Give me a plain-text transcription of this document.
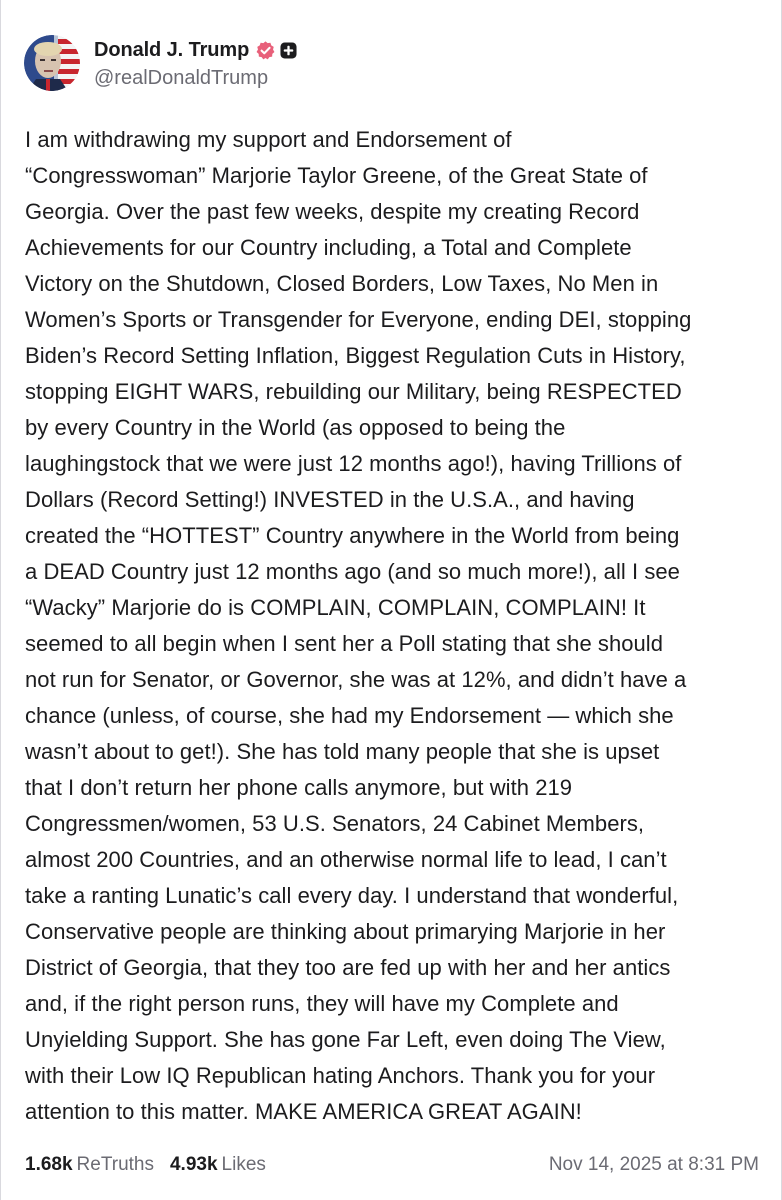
Donald J. Trump
@realDonaldTrump

I am withdrawing my support and Endorsement of
“Congresswoman” Marjorie Taylor Greene, of the Great State of
Georgia. Over the past few weeks, despite my creating Record
Achievements for our Country including, a Total and Complete
Victory on the Shutdown, Closed Borders, Low Taxes, No Men in
Women’s Sports or Transgender for Everyone, ending DEI, stopping
Biden’s Record Setting Inflation, Biggest Regulation Cuts in History,
stopping EIGHT WARS, rebuilding our Military, being RESPECTED
by every Country in the World (as opposed to being the
laughingstock that we were just 12 months ago!), having Trillions of
Dollars (Record Setting!) INVESTED in the U.S.A., and having
created the “HOTTEST” Country anywhere in the World from being
a DEAD Country just 12 months ago (and so much more!), all I see
“Wacky” Marjorie do is COMPLAIN, COMPLAIN, COMPLAIN! It
seemed to all begin when I sent her a Poll stating that she should
not run for Senator, or Governor, she was at 12%, and didn’t have a
chance (unless, of course, she had my Endorsement — which she
wasn’t about to get!). She has told many people that she is upset
that I don’t return her phone calls anymore, but with 219
Congressmen/women, 53 U.S. Senators, 24 Cabinet Members,
almost 200 Countries, and an otherwise normal life to lead, I can’t
take a ranting Lunatic’s call every day. I understand that wonderful,
Conservative people are thinking about primarying Marjorie in her
District of Georgia, that they too are fed up with her and her antics
and, if the right person runs, they will have my Complete and
Unyielding Support. She has gone Far Left, even doing The View,
with their Low IQ Republican hating Anchors. Thank you for your
attention to this matter. MAKE AMERICA GREAT AGAIN!

1.68k ReTruths 4.93k Likes	Nov 14, 2025 at 8:31 PM
